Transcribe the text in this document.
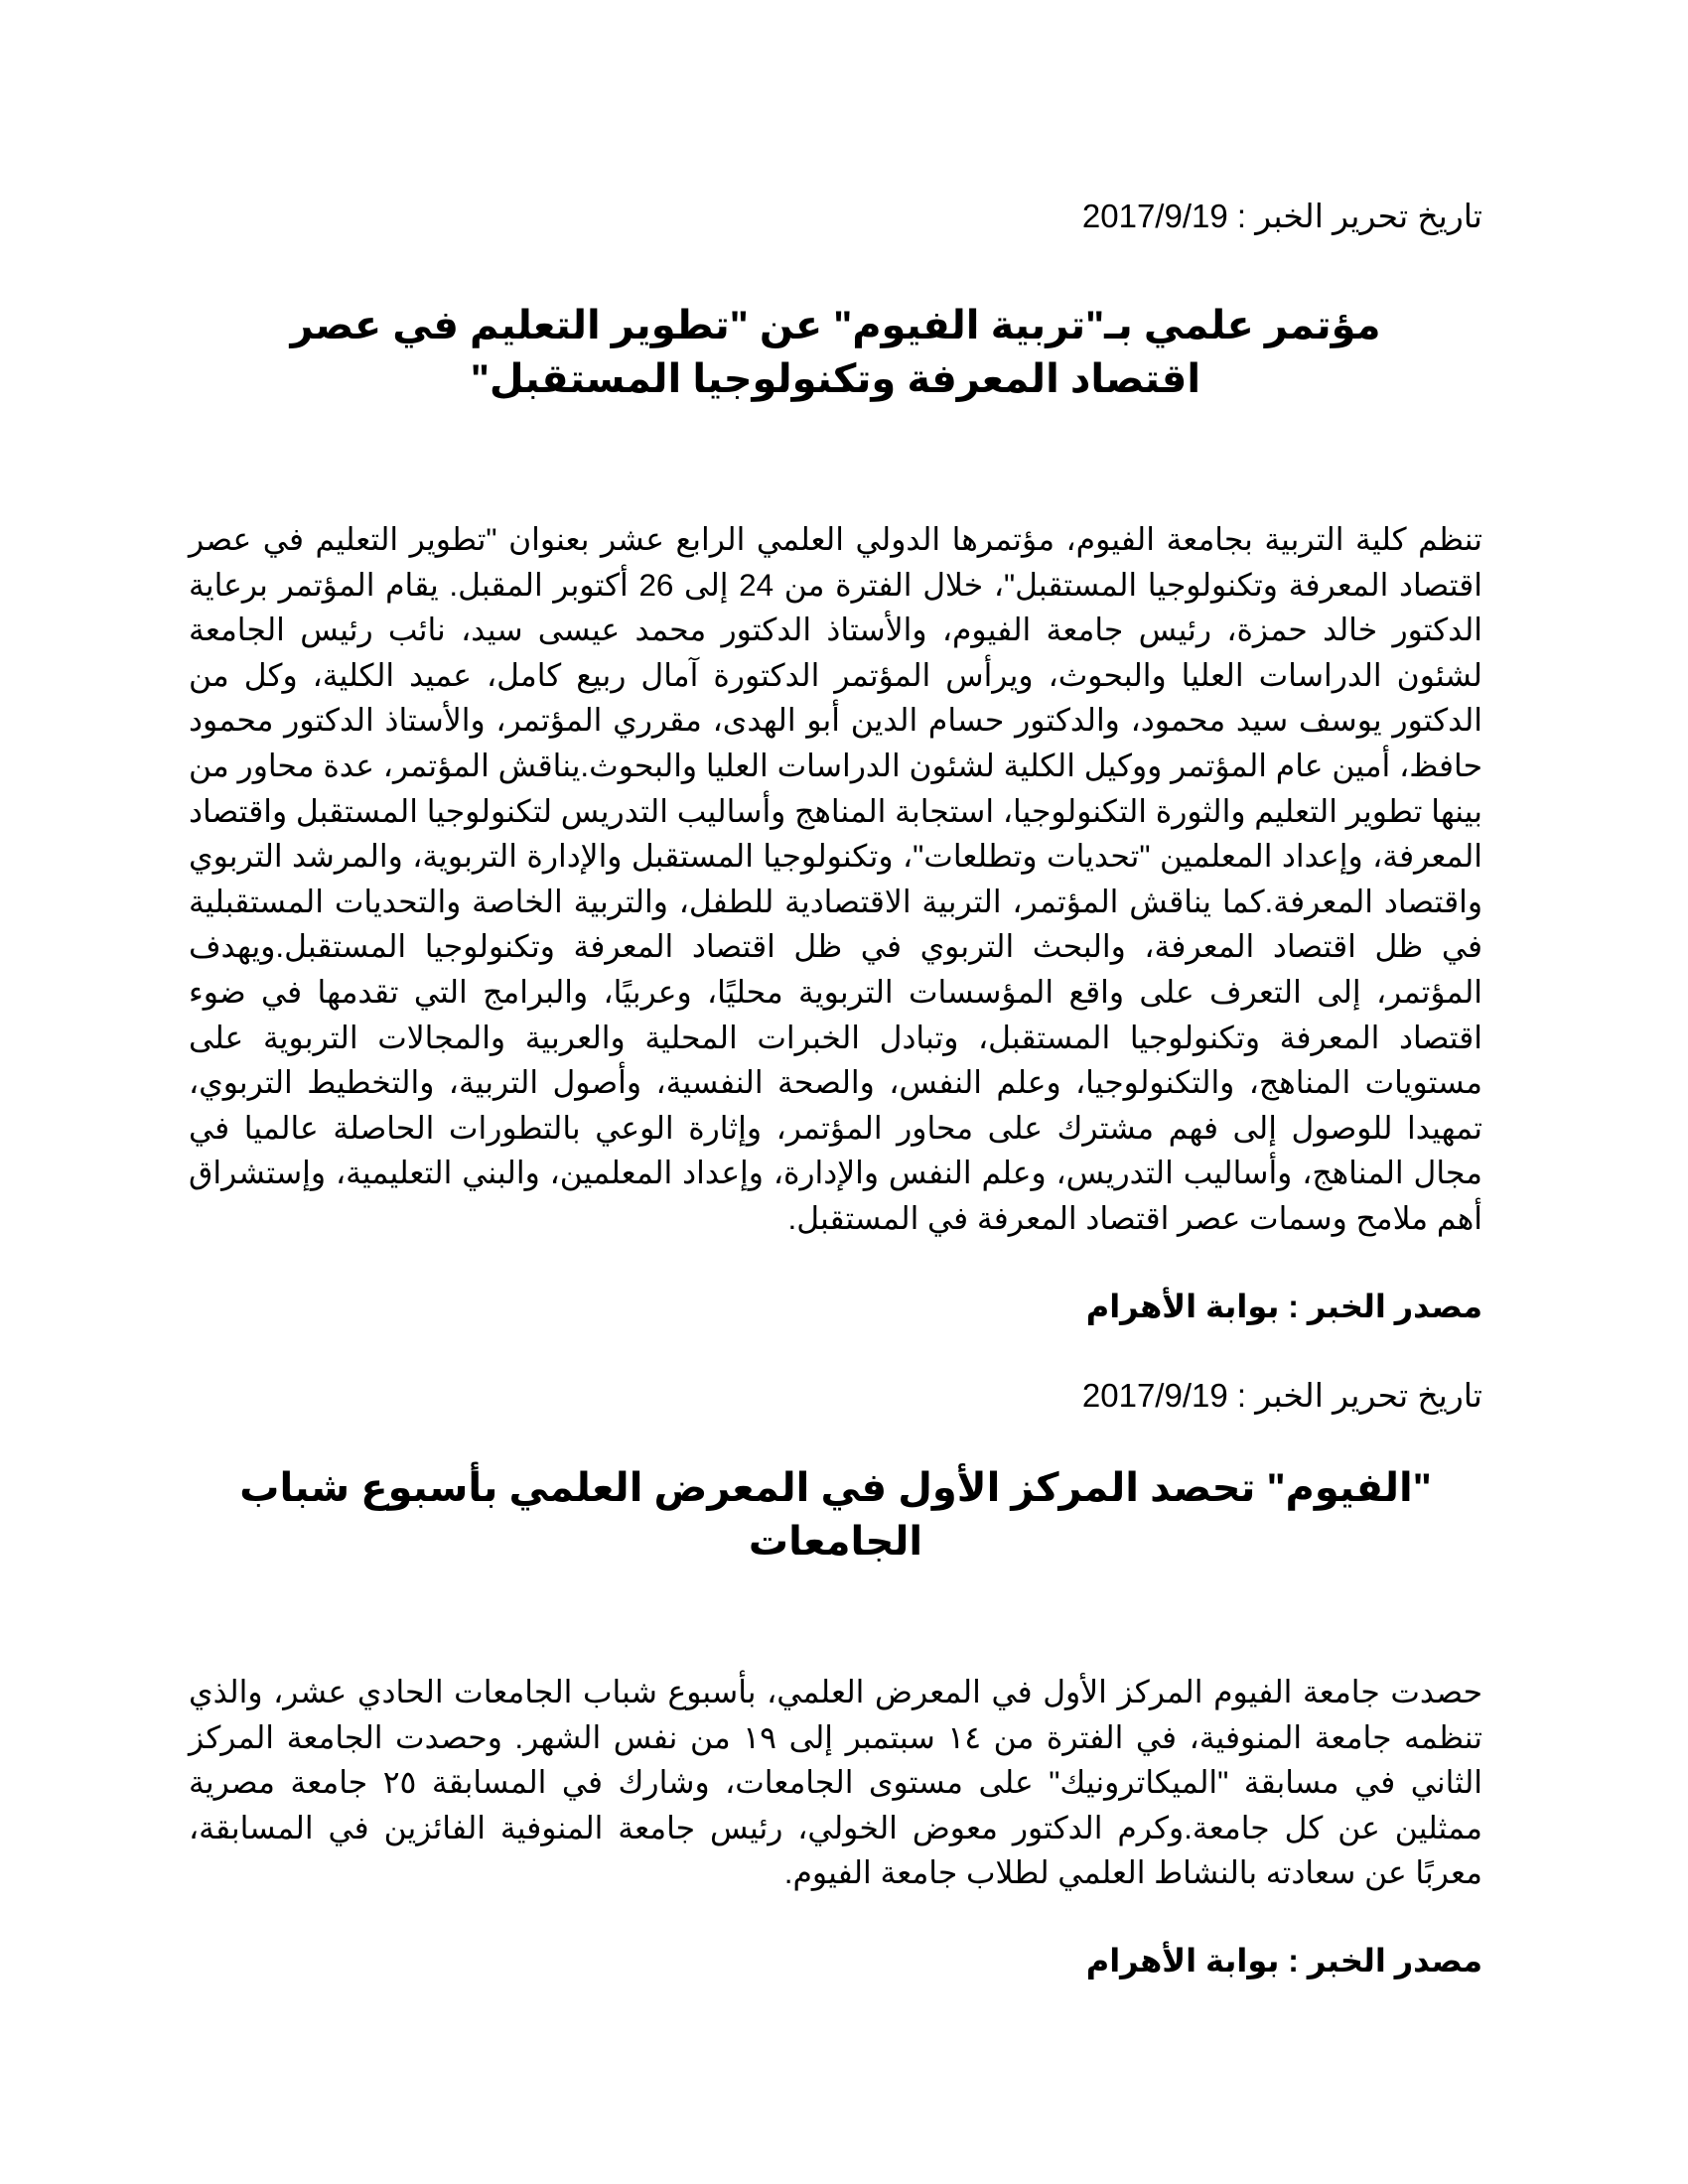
تاريخ تحرير الخبر : 2017/9/19
مؤتمر علمي بـ"تربية الفيوم" عن "تطوير التعليم في عصر اقتصاد المعرفة وتكنولوجيا المستقبل"

تنظم كلية التربية بجامعة الفيوم، مؤتمرها الدولي العلمي الرابع عشر بعنوان "تطوير التعليم في عصر اقتصاد المعرفة وتكنولوجيا المستقبل"، خلال الفترة من 24 إلى 26 أكتوبر المقبل. يقام المؤتمر برعاية الدكتور خالد حمزة، رئيس جامعة الفيوم، والأستاذ الدكتور محمد عيسى سيد، نائب رئيس الجامعة لشئون الدراسات العليا والبحوث، ويرأس المؤتمر الدكتورة آمال ربيع كامل، عميد الكلية، وكل من الدكتور يوسف سيد محمود، والدكتور حسام الدين أبو الهدى، مقرري المؤتمر، والأستاذ الدكتور محمود حافظ، أمين عام المؤتمر ووكيل الكلية لشئون الدراسات العليا والبحوث.يناقش المؤتمر، عدة محاور من بينها تطوير التعليم والثورة التكنولوجيا، استجابة المناهج وأساليب التدريس لتكنولوجيا المستقبل واقتصاد المعرفة، وإعداد المعلمين "تحديات وتطلعات"، وتكنولوجيا المستقبل والإدارة التربوية، والمرشد التربوي واقتصاد المعرفة.كما يناقش المؤتمر، التربية الاقتصادية للطفل، والتربية الخاصة والتحديات المستقبلية في ظل اقتصاد المعرفة، والبحث التربوي في ظل اقتصاد المعرفة وتكنولوجيا المستقبل.ويهدف المؤتمر، إلى التعرف على واقع المؤسسات التربوية محليًا، وعربيًا، والبرامج التي تقدمها في ضوء اقتصاد المعرفة وتكنولوجيا المستقبل، وتبادل الخبرات المحلية والعربية والمجالات التربوية على مستويات المناهج، والتكنولوجيا، وعلم النفس، والصحة النفسية، وأصول التربية، والتخطيط التربوي، تمهيدا للوصول إلى فهم مشترك على محاور المؤتمر، وإثارة الوعي بالتطورات الحاصلة عالميا في مجال المناهج، وأساليب التدريس، وعلم النفس والإدارة، وإعداد المعلمين، والبني التعليمية، وإستشراق أهم ملامح وسمات عصر اقتصاد المعرفة في المستقبل.

مصدر الخبر : بوابة الأهرام
تاريخ تحرير الخبر : 2017/9/19
"الفيوم" تحصد المركز الأول في المعرض العلمي بأسبوع شباب الجامعات

حصدت جامعة الفيوم المركز الأول في المعرض العلمي، بأسبوع شباب الجامعات الحادي عشر، والذي تنظمه جامعة المنوفية، في الفترة من ١٤ سبتمبر إلى ١٩ من نفس الشهر. وحصدت الجامعة المركز الثاني في مسابقة "الميكاترونيك" على مستوى الجامعات، وشارك في المسابقة ٢٥ جامعة مصرية ممثلين عن كل جامعة.وكرم الدكتور معوض الخولي، رئيس جامعة المنوفية الفائزين في المسابقة، معربًا عن سعادته بالنشاط العلمي لطلاب جامعة الفيوم.

مصدر الخبر : بوابة الأهرام
